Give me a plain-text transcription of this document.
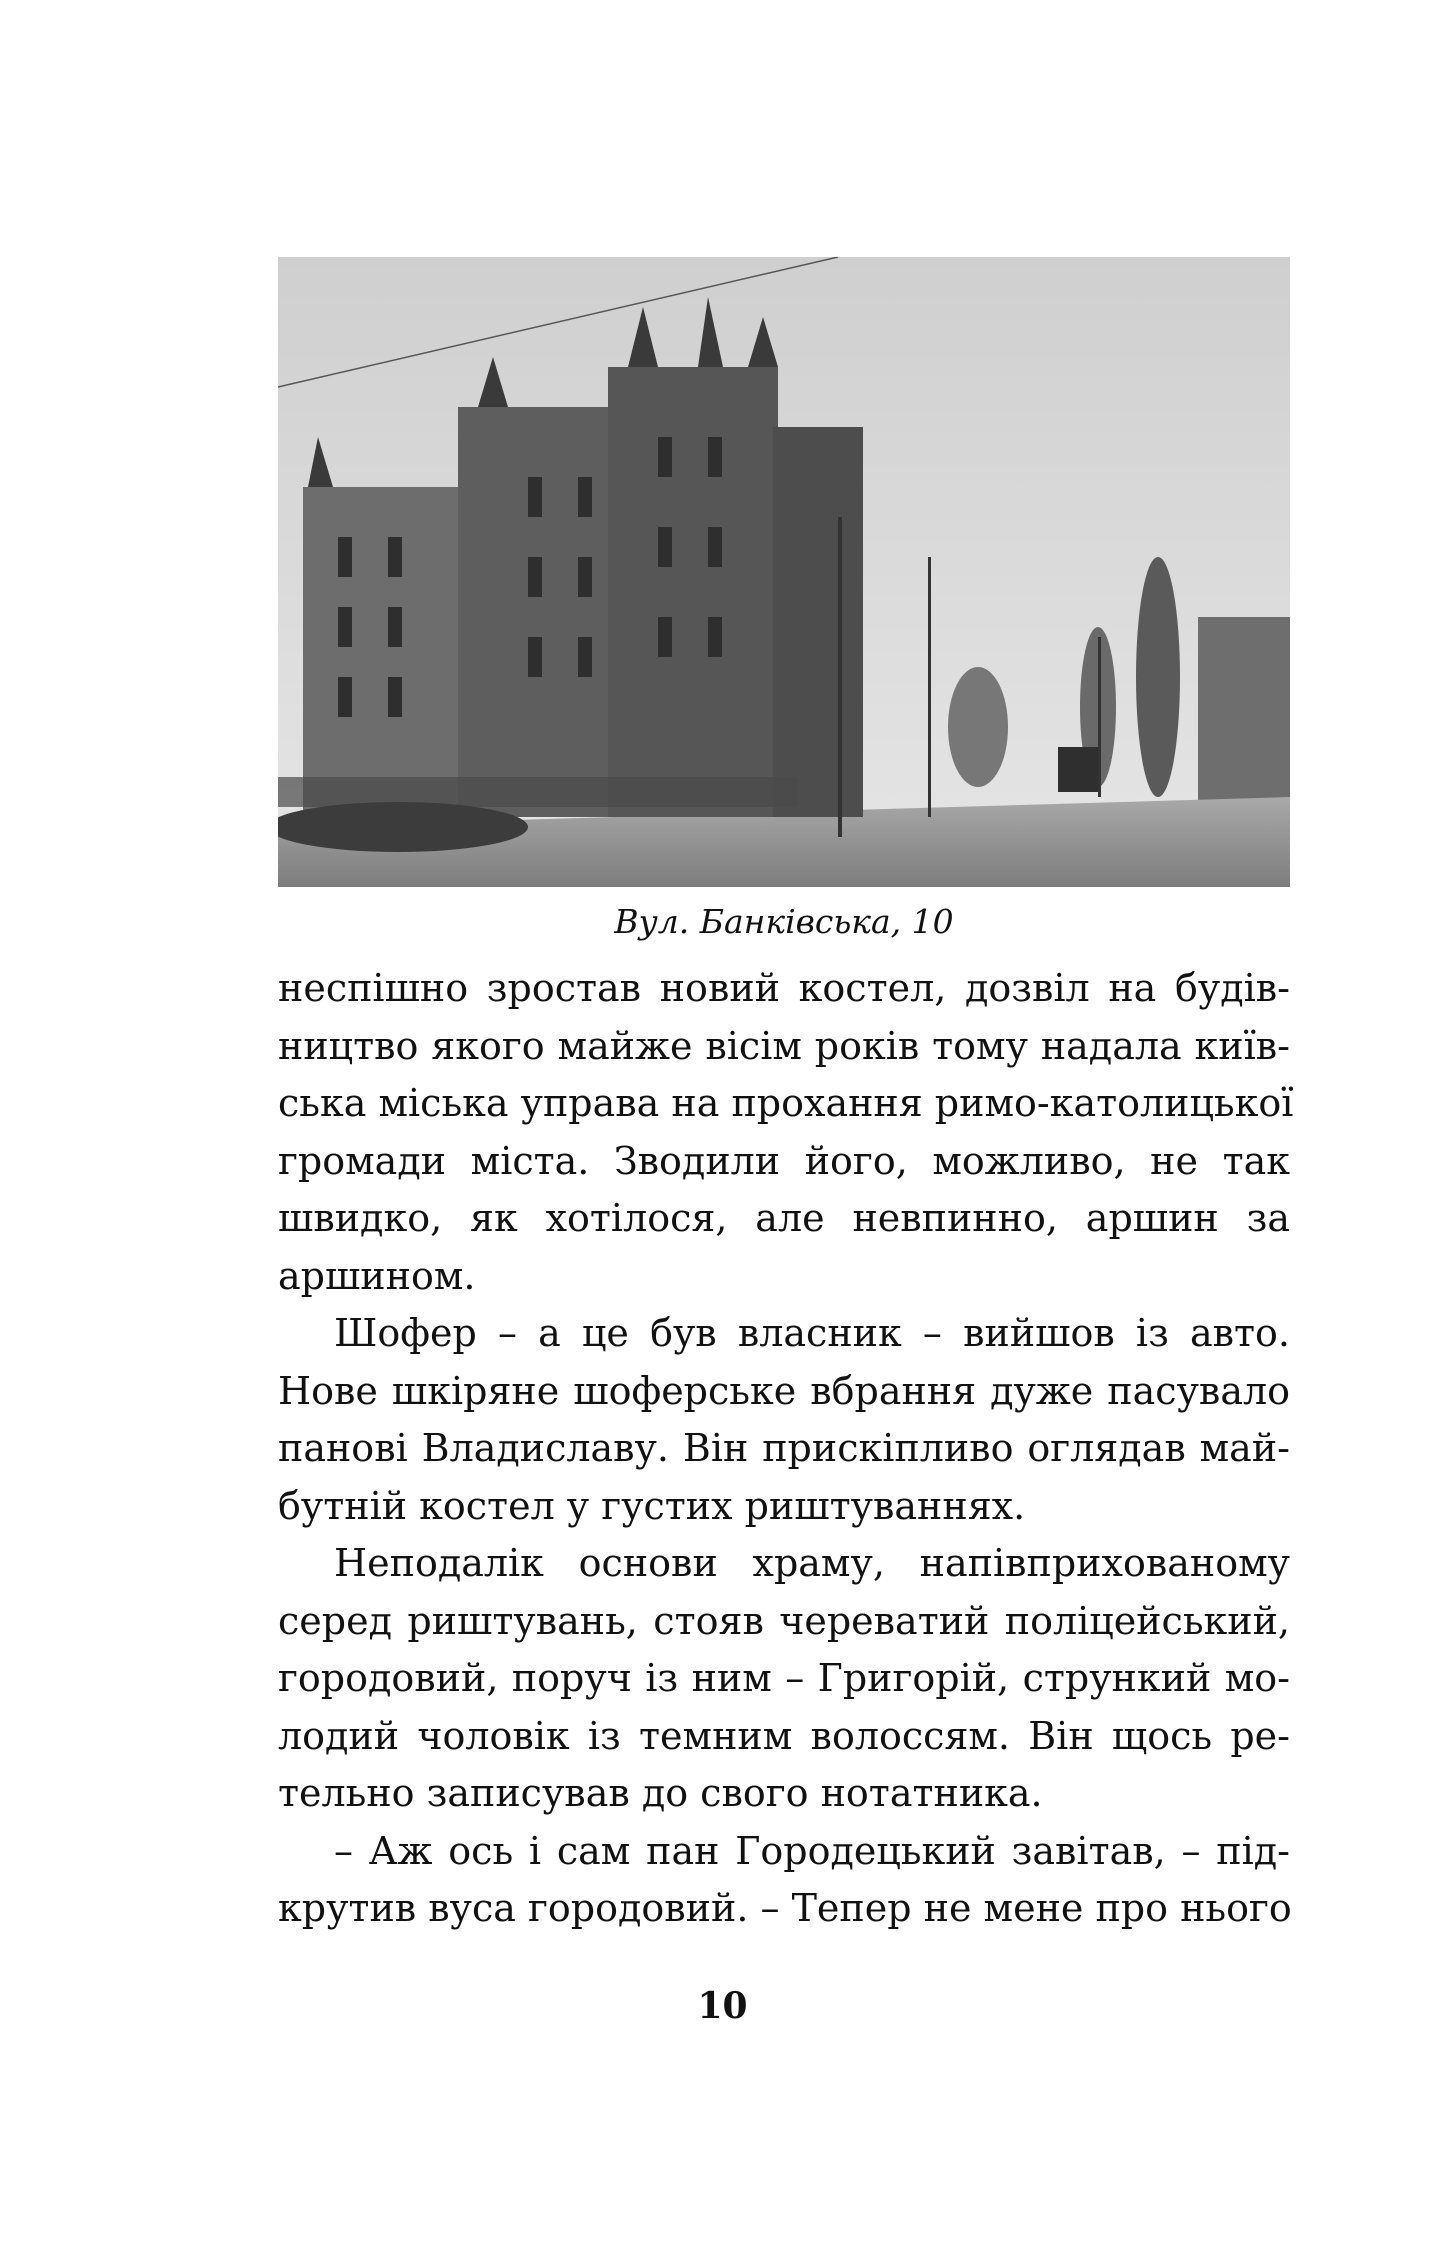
Вул. Банківська, 10
неспішно зростав новий костел, дозвіл на будів-
ництво якого майже вісім років тому надала київ-
ська міська управа на прохання римо-католицької
громади міста. Зводили його, можливо, не так
швидко, як хотілося, але невпинно, аршин за
аршином.
Шофер – а це був власник – вийшов із авто.
Нове шкіряне шоферське вбрання дуже пасувало
панові Владиславу. Він прискіпливо оглядав май-
бутній костел у густих риштуваннях.
Неподалік основи храму, напівприхованому
серед риштувань, стояв череватий поліцейський,
городовий, поруч із ним – Григорій, стрункий мо-
лодий чоловік із темним волоссям. Він щось ре-
тельно записував до свого нотатника.
– Аж ось і сам пан Городецький завітав, – під-
крутив вуса городовий. – Тепер не мене про нього
10
